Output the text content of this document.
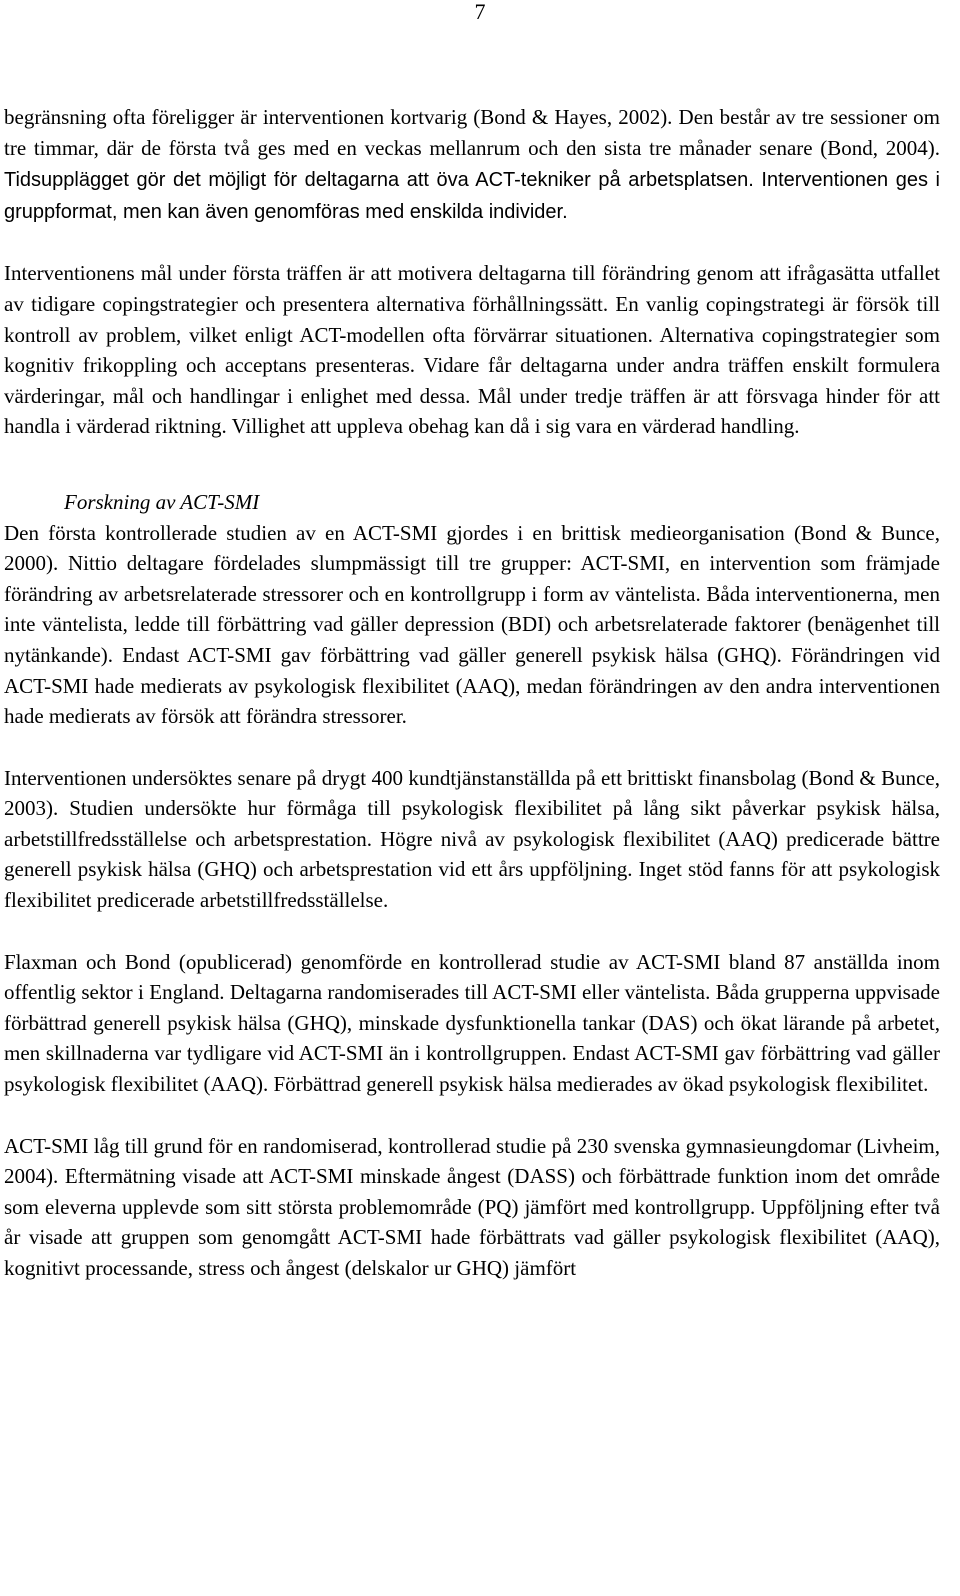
7

begränsning ofta föreligger är interventionen kortvarig (Bond & Hayes, 2002). Den består av tre sessioner om tre timmar, där de första två ges med en veckas mellanrum och den sista tre månader senare (Bond, 2004). Tidsupplägget gör det möjligt för deltagarna att öva ACT-tekniker på arbetsplatsen. Interventionen ges i gruppformat, men kan även genomföras med enskilda individer.

Interventionens mål under första träffen är att motivera deltagarna till förändring genom att ifrågasätta utfallet av tidigare copingstrategier och presentera alternativa förhållningssätt. En vanlig copingstrategi är försök till kontroll av problem, vilket enligt ACT-modellen ofta förvärrar situationen. Alternativa copingstrategier som kognitiv frikoppling och acceptans presenteras. Vidare får deltagarna under andra träffen enskilt formulera värderingar, mål och handlingar i enlighet med dessa. Mål under tredje träffen är att försvaga hinder för att handla i värderad riktning. Villighet att uppleva obehag kan då i sig vara en värderad handling.

Forskning av ACT-SMI

Den första kontrollerade studien av en ACT-SMI gjordes i en brittisk medieorganisation (Bond & Bunce, 2000). Nittio deltagare fördelades slumpmässigt till tre grupper: ACT-SMI, en intervention som främjade förändring av arbetsrelaterade stressorer och en kontrollgrupp i form av väntelista. Båda interventionerna, men inte väntelista, ledde till förbättring vad gäller depression (BDI) och arbetsrelaterade faktorer (benägenhet till nytänkande). Endast ACT-SMI gav förbättring vad gäller generell psykisk hälsa (GHQ). Förändringen vid ACT-SMI hade medierats av psykologisk flexibilitet (AAQ), medan förändringen av den andra interventionen hade medierats av försök att förändra stressorer.

Interventionen undersöktes senare på drygt 400 kundtjänstanställda på ett brittiskt finansbolag (Bond & Bunce, 2003). Studien undersökte hur förmåga till psykologisk flexibilitet på lång sikt påverkar psykisk hälsa, arbetstillfredsställelse och arbetsprestation. Högre nivå av psykologisk flexibilitet (AAQ) predicerade bättre generell psykisk hälsa (GHQ) och arbetsprestation vid ett års uppföljning. Inget stöd fanns för att psykologisk flexibilitet predicerade arbetstillfredsställelse.

Flaxman och Bond (opublicerad) genomförde en kontrollerad studie av ACT-SMI bland 87 anställda inom offentlig sektor i England. Deltagarna randomiserades till ACT-SMI eller väntelista. Båda grupperna uppvisade förbättrad generell psykisk hälsa (GHQ), minskade dysfunktionella tankar (DAS) och ökat lärande på arbetet, men skillnaderna var tydligare vid ACT-SMI än i kontrollgruppen. Endast ACT-SMI gav förbättring vad gäller psykologisk flexibilitet (AAQ). Förbättrad generell psykisk hälsa medierades av ökad psykologisk flexibilitet.

ACT-SMI låg till grund för en randomiserad, kontrollerad studie på 230 svenska gymnasieungdomar (Livheim, 2004). Eftermätning visade att ACT-SMI minskade ångest (DASS) och förbättrade funktion inom det område som eleverna upplevde som sitt största problemområde (PQ) jämfört med kontrollgrupp. Uppföljning efter två år visade att gruppen som genomgått ACT-SMI hade förbättrats vad gäller psykologisk flexibilitet (AAQ), kognitivt processande, stress och ångest (delskalor ur GHQ) jämfört
